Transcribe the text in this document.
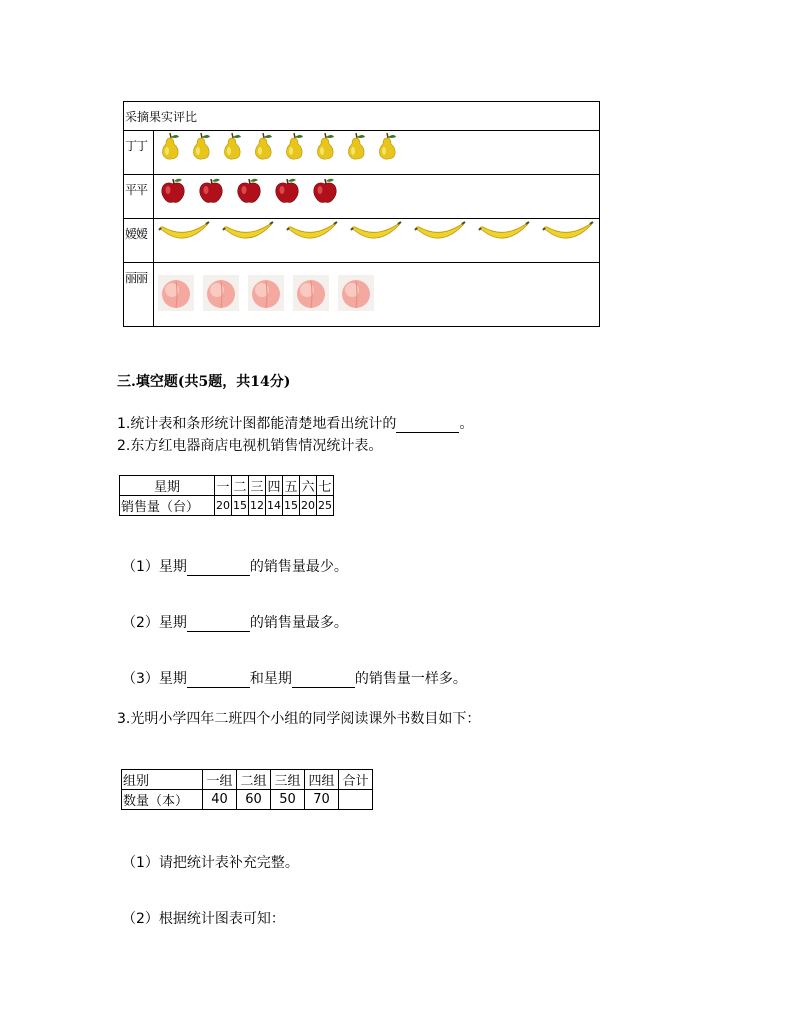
采摘果实评比	
丁丁	

平平	

嫒嫒	

丽丽	
三.填空题(共5题，共14分)
1.统计表和条形统计图都能清楚地看出统计的	。
2.东方红电器商店电视机销售情况统计表。
星期	一	二	三	四	五	六	七
销售量（台）	20	15	12	14	15	20	25
（1）星期	的销售量最少。
（2）星期	的销售量最多。
（3）星期	和星期	的销售量一样多。
3.光明小学四年二班四个小组的同学阅读课外书数目如下：
组别	一组	二组	三组	四组	合计
数量（本）	40	60	50	70	
（1）请把统计表补充完整。
（2）根据统计图表可知：
